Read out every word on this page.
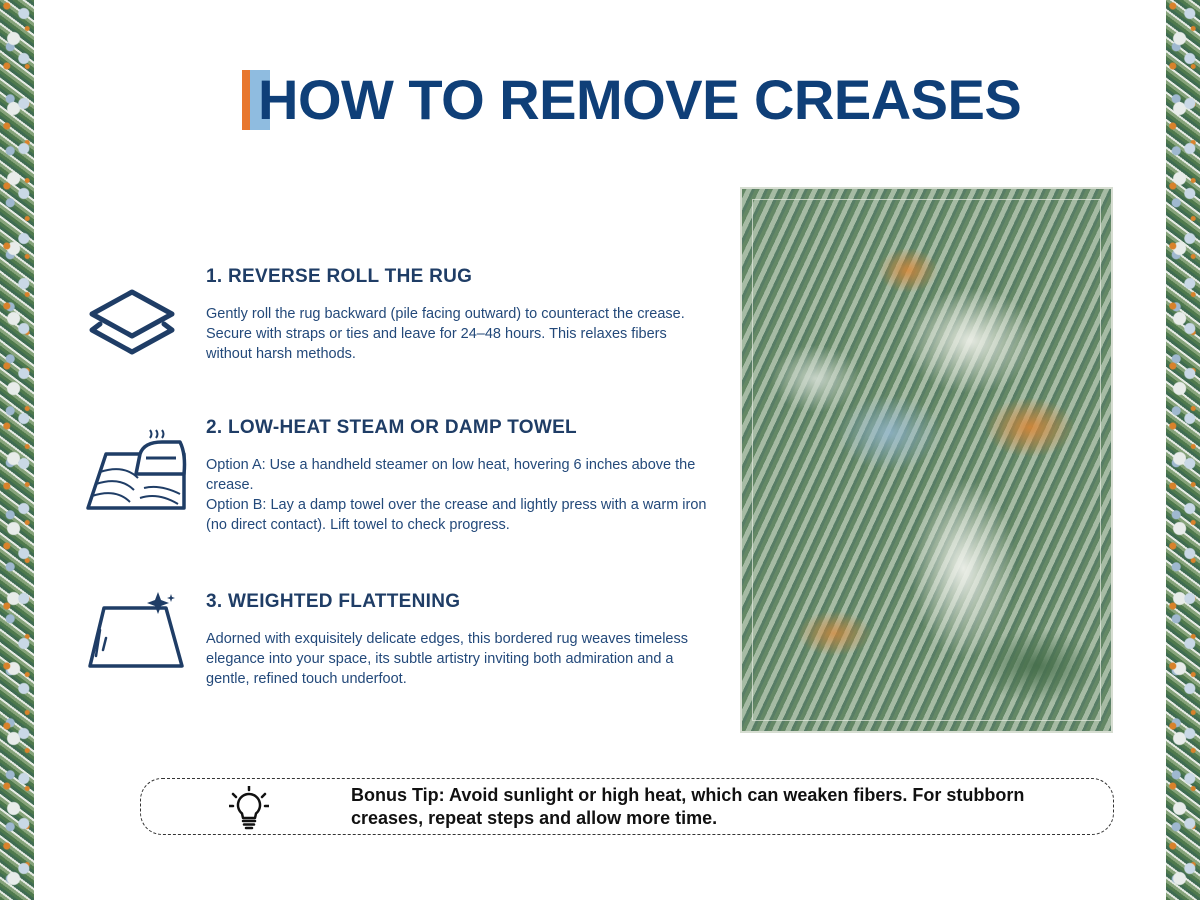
HOW TO REMOVE CREASES
1. REVERSE ROLL THE RUG

Gently roll the rug backward (pile facing outward) to counteract the crease. Secure with straps or ties and leave for 24–48 hours. This relaxes fibers without harsh methods.

2. LOW-HEAT STEAM OR DAMP TOWEL

Option A: Use a handheld steamer on low heat, hovering 6 inches above the crease.

Option B: Lay a damp towel over the crease and lightly press with a warm iron (no direct contact). Lift towel to check progress.

3. WEIGHTED FLATTENING

Adorned with exquisitely delicate edges, this bordered rug weaves timeless elegance into your space, its subtle artistry inviting both admiration and a gentle, refined touch underfoot.

Bonus Tip: Avoid sunlight or high heat, which can weaken fibers. For stubborn creases, repeat steps and allow more time.
